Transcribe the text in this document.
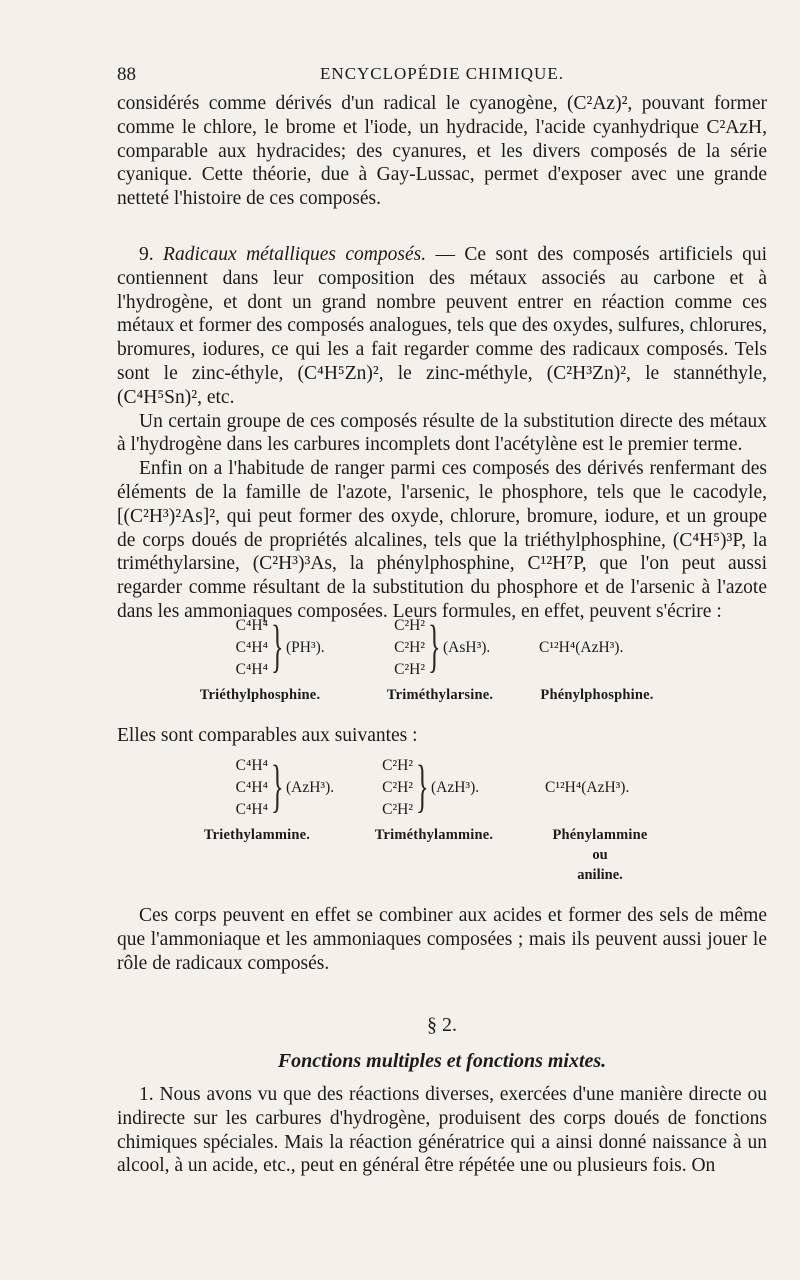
88	ENCYCLOPÉDIE CHIMIQUE.

considérés comme dérivés d'un radical le cyanogène, (C²Az)², pouvant former comme le chlore, le brome et l'iode, un hydracide, l'acide cyanhydrique C²AzH, comparable aux hydracides; des cyanures, et les divers composés de la série cyanique. Cette théorie, due à Gay-Lussac, permet d'exposer avec une grande netteté l'histoire de ces composés.

9. Radicaux métalliques composés. — Ce sont des composés artificiels qui contiennent dans leur composition des métaux associés au carbone et à l'hydrogène, et dont un grand nombre peuvent entrer en réaction comme ces métaux et former des composés analogues, tels que des oxydes, sulfures, chlorures, bromures, iodures, ce qui les a fait regarder comme des radicaux composés. Tels sont le zinc-éthyle, (C⁴H⁵Zn)², le zinc-méthyle, (C²H³Zn)², le stannéthyle, (C⁴H⁵Sn)², etc.

Un certain groupe de ces composés résulte de la substitution directe des métaux à l'hydrogène dans les carbures incomplets dont l'acétylène est le premier terme.

Enfin on a l'habitude de ranger parmi ces composés des dérivés renfermant des éléments de la famille de l'azote, l'arsenic, le phosphore, tels que le cacodyle, [(C²H³)²As]², qui peut former des oxyde, chlorure, bromure, iodure, et un groupe de corps doués de propriétés alcalines, tels que la triéthylphosphine, (C⁴H⁵)³P, la triméthylarsine, (C²H³)³As, la phénylphosphine, C¹²H⁷P, que l'on peut aussi regarder comme résultant de la substitution du phosphore et de l'arsenic à l'azote dans les ammoniaques composées. Leurs formules, en effet, peuvent s'écrire :

C⁴H⁴
C⁴H⁴
C⁴H⁴ } (PH³).
Triéthylphosphine.
C²H²
C²H²
C²H² } (AsH³).
Triméthylarsine.
C¹²H⁴(AzH³).
Phénylphosphine.

Elles sont comparables aux suivantes :

C⁴H⁴
C⁴H⁴
C⁴H⁴ } (AzH³).
Triethylammine.
C²H²
C²H²
C²H² } (AzH³).
Triméthylammine.
C¹²H⁴(AzH³).
Phénylammine
ou
aniline.

Ces corps peuvent en effet se combiner aux acides et former des sels de même que l'ammoniaque et les ammoniaques composées ; mais ils peuvent aussi jouer le rôle de radicaux composés.

§ 2.
Fonctions multiples et fonctions mixtes.

1. Nous avons vu que des réactions diverses, exercées d'une manière directe ou indirecte sur les carbures d'hydrogène, produisent des corps doués de fonctions chimiques spéciales. Mais la réaction génératrice qui a ainsi donné naissance à un alcool, à un acide, etc., peut en général être répétée une ou plusieurs fois. On
